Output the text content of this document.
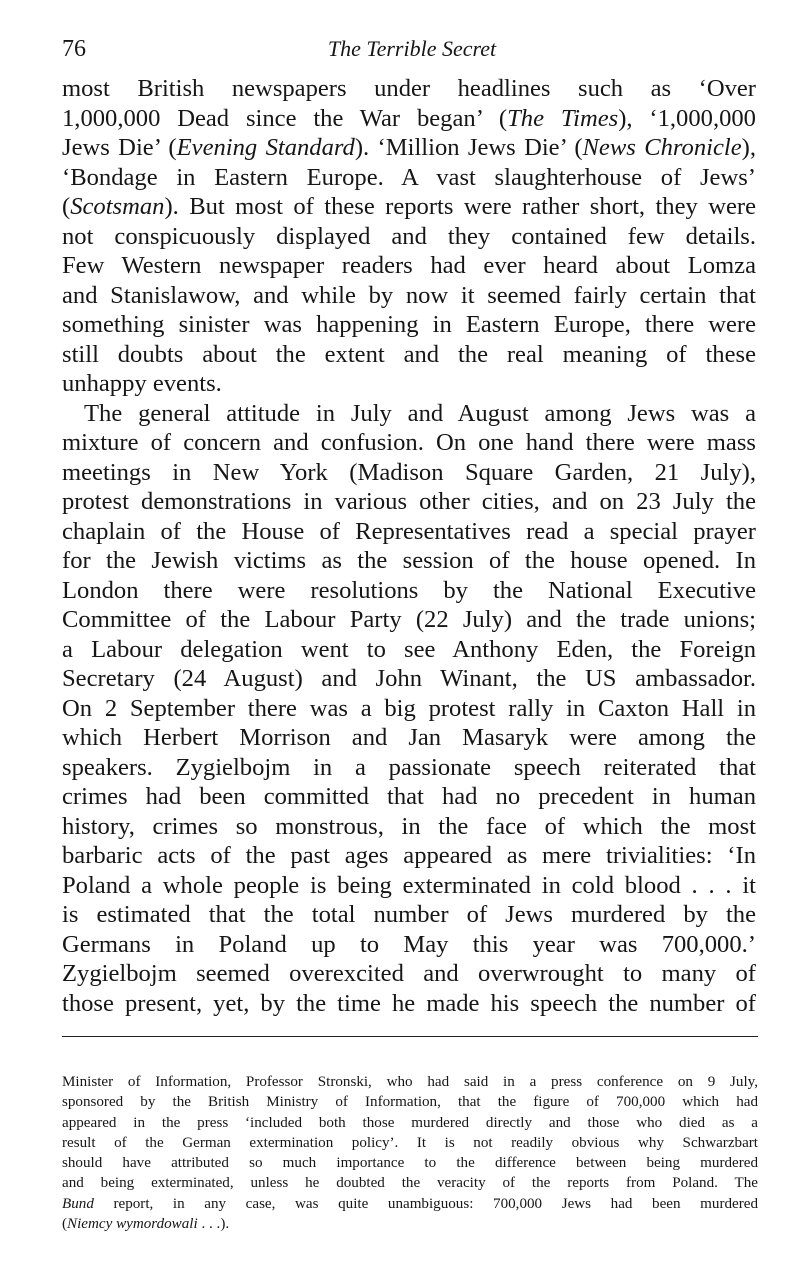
76	The Terrible Secret
most British newspapers under headlines such as ‘Over
1,000,000 Dead since the War began’ (The Times), ‘1,000,000
Jews Die’ (Evening Standard). ‘Million Jews Die’ (News Chronicle),
‘Bondage in Eastern Europe. A vast slaughterhouse of Jews’
(Scotsman). But most of these reports were rather short, they were
not conspicuously displayed and they contained few details.
Few Western newspaper readers had ever heard about Lomza
and Stanislawow, and while by now it seemed fairly certain that
something sinister was happening in Eastern Europe, there were
still doubts about the extent and the real meaning of these
unhappy events.
The general attitude in July and August among Jews was a
mixture of concern and confusion. On one hand there were mass
meetings in New York (Madison Square Garden, 21 July),
protest demonstrations in various other cities, and on 23 July the
chaplain of the House of Representatives read a special prayer
for the Jewish victims as the session of the house opened. In
London there were resolutions by the National Executive
Committee of the Labour Party (22 July) and the trade unions;
a Labour delegation went to see Anthony Eden, the Foreign
Secretary (24 August) and John Winant, the US ambassador.
On 2 September there was a big protest rally in Caxton Hall in
which Herbert Morrison and Jan Masaryk were among the
speakers. Zygielbojm in a passionate speech reiterated that
crimes had been committed that had no precedent in human
history, crimes so monstrous, in the face of which the most
barbaric acts of the past ages appeared as mere trivialities: ‘In
Poland a whole people is being exterminated in cold blood . . . it
is estimated that the total number of Jews murdered by the
Germans in Poland up to May this year was 700,000.’
Zygielbojm seemed overexcited and overwrought to many of
those present, yet, by the time he made his speech the number of
Minister of Information, Professor Stronski, who had said in a press conference on 9 July,
sponsored by the British Ministry of Information, that the figure of 700,000 which had
appeared in the press ‘included both those murdered directly and those who died as a
result of the German extermination policy’. It is not readily obvious why Schwarzbart
should have attributed so much importance to the difference between being murdered
and being exterminated, unless he doubted the veracity of the reports from Poland. The
Bund report, in any case, was quite unambiguous: 700,000 Jews had been murdered
(Niemcy wymordowali . . .).
